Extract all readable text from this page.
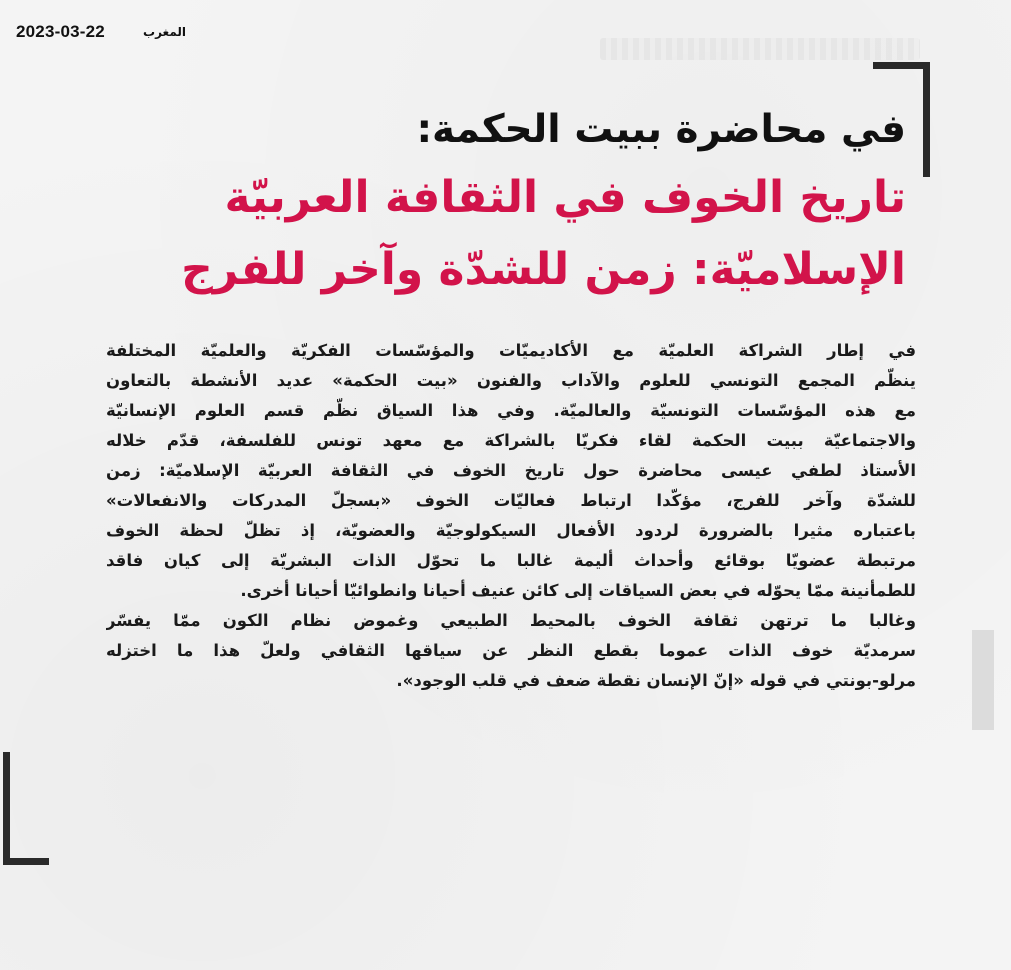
2023-03-22	المغرب
في محاضرة ببيت الحكمة:
تاريخ الخوف في الثقافة العربيّة
الإسلاميّة: زمن للشدّة وآخر للفرج
في إطار الشراكة العلميّة مع الأكاديميّات والمؤسّسات الفكريّة والعلميّة المختلفة
ينظّم المجمع التونسي للعلوم والآداب والفنون «بيت الحكمة» عديد الأنشطة بالتعاون
مع هذه المؤسّسات التونسيّة والعالميّة. وفي هذا السياق نظّم قسم العلوم الإنسانيّة
والاجتماعيّة ببيت الحكمة لقاء فكريّا بالشراكة مع معهد تونس للفلسفة، قدّم خلاله
الأستاذ لطفي عيسى محاضرة حول تاريخ الخوف في الثقافة العربيّة الإسلاميّة: زمن
للشدّة وآخر للفرج، مؤكّدا ارتباط فعاليّات الخوف «بسجلّ المدركات والانفعالات»
باعتباره مثيرا بالضرورة لردود الأفعال السيكولوجيّة والعضويّة، إذ تظلّ لحظة الخوف
مرتبطة عضويّا بوقائع وأحداث أليمة غالبا ما تحوّل الذات البشريّة إلى كيان فاقد
للطمأنينة ممّا يحوّله في بعض السياقات إلى كائن عنيف أحيانا وانطوائيّا أحيانا أخرى.
وغالبا ما ترتهن ثقافة الخوف بالمحيط الطبيعي وغموض نظام الكون ممّا يفسّر
سرمديّة خوف الذات عموما بقطع النظر عن سياقها الثقافي ولعلّ هذا ما اختزله
مرلو-بونتي في قوله «إنّ الإنسان نقطة ضعف في قلب الوجود».
